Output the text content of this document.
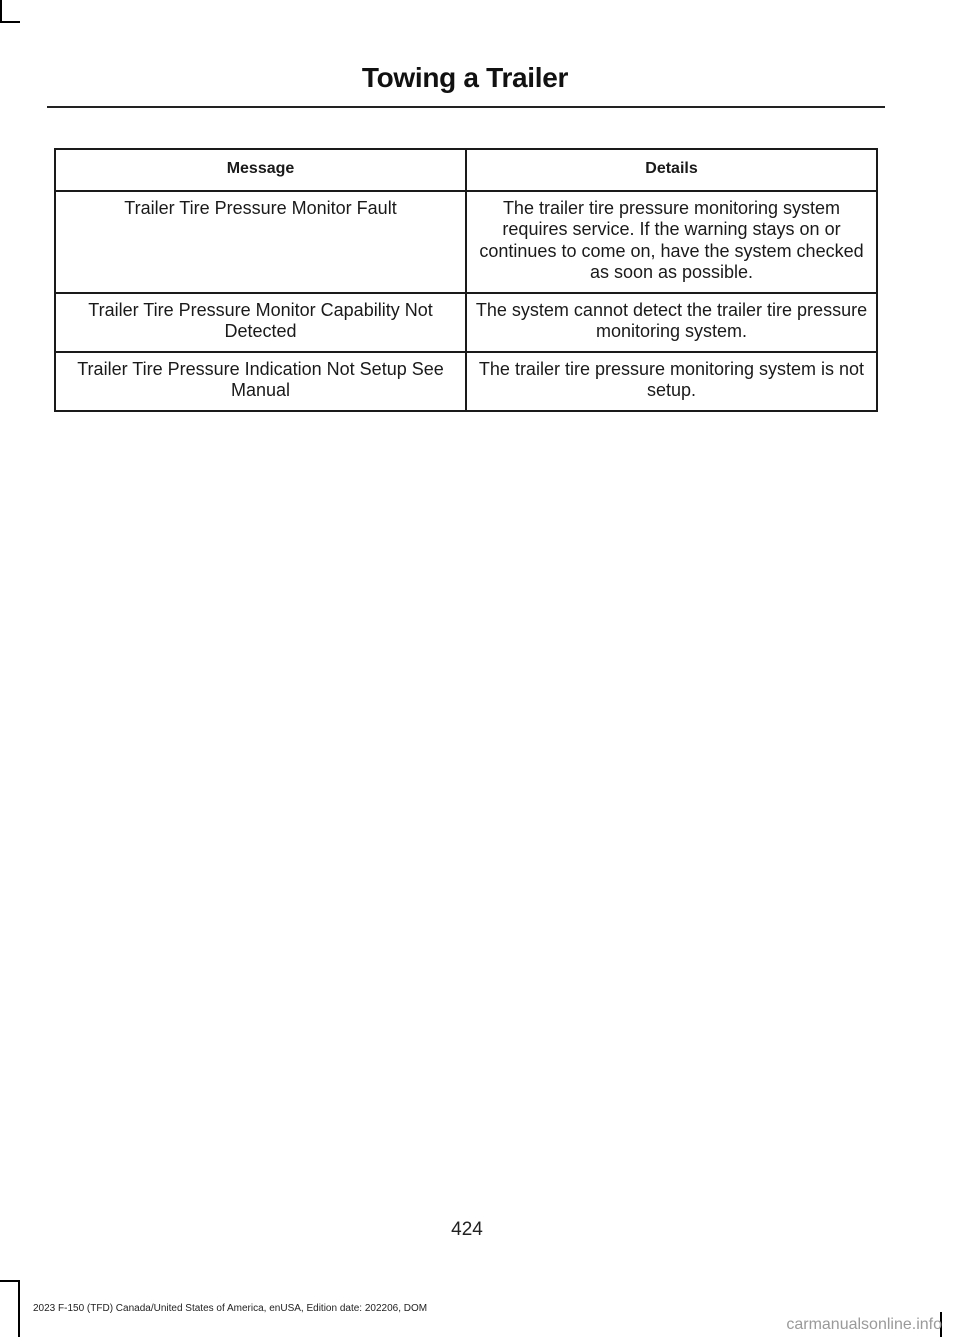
Towing a Trailer
Message	Details
Trailer Tire Pressure Monitor Fault	The trailer tire pressure monitoring system requires service. If the warning stays on or continues to come on, have the system checked as soon as possible.
Trailer Tire Pressure Monitor Capability Not Detected	The system cannot detect the trailer tire pressure monitoring system.
Trailer Tire Pressure Indication Not Setup See Manual	The trailer tire pressure monitoring system is not setup.
424
2023 F-150 (TFD) Canada/United States of America, enUSA, Edition date: 202206, DOM
carmanualsonline.info
